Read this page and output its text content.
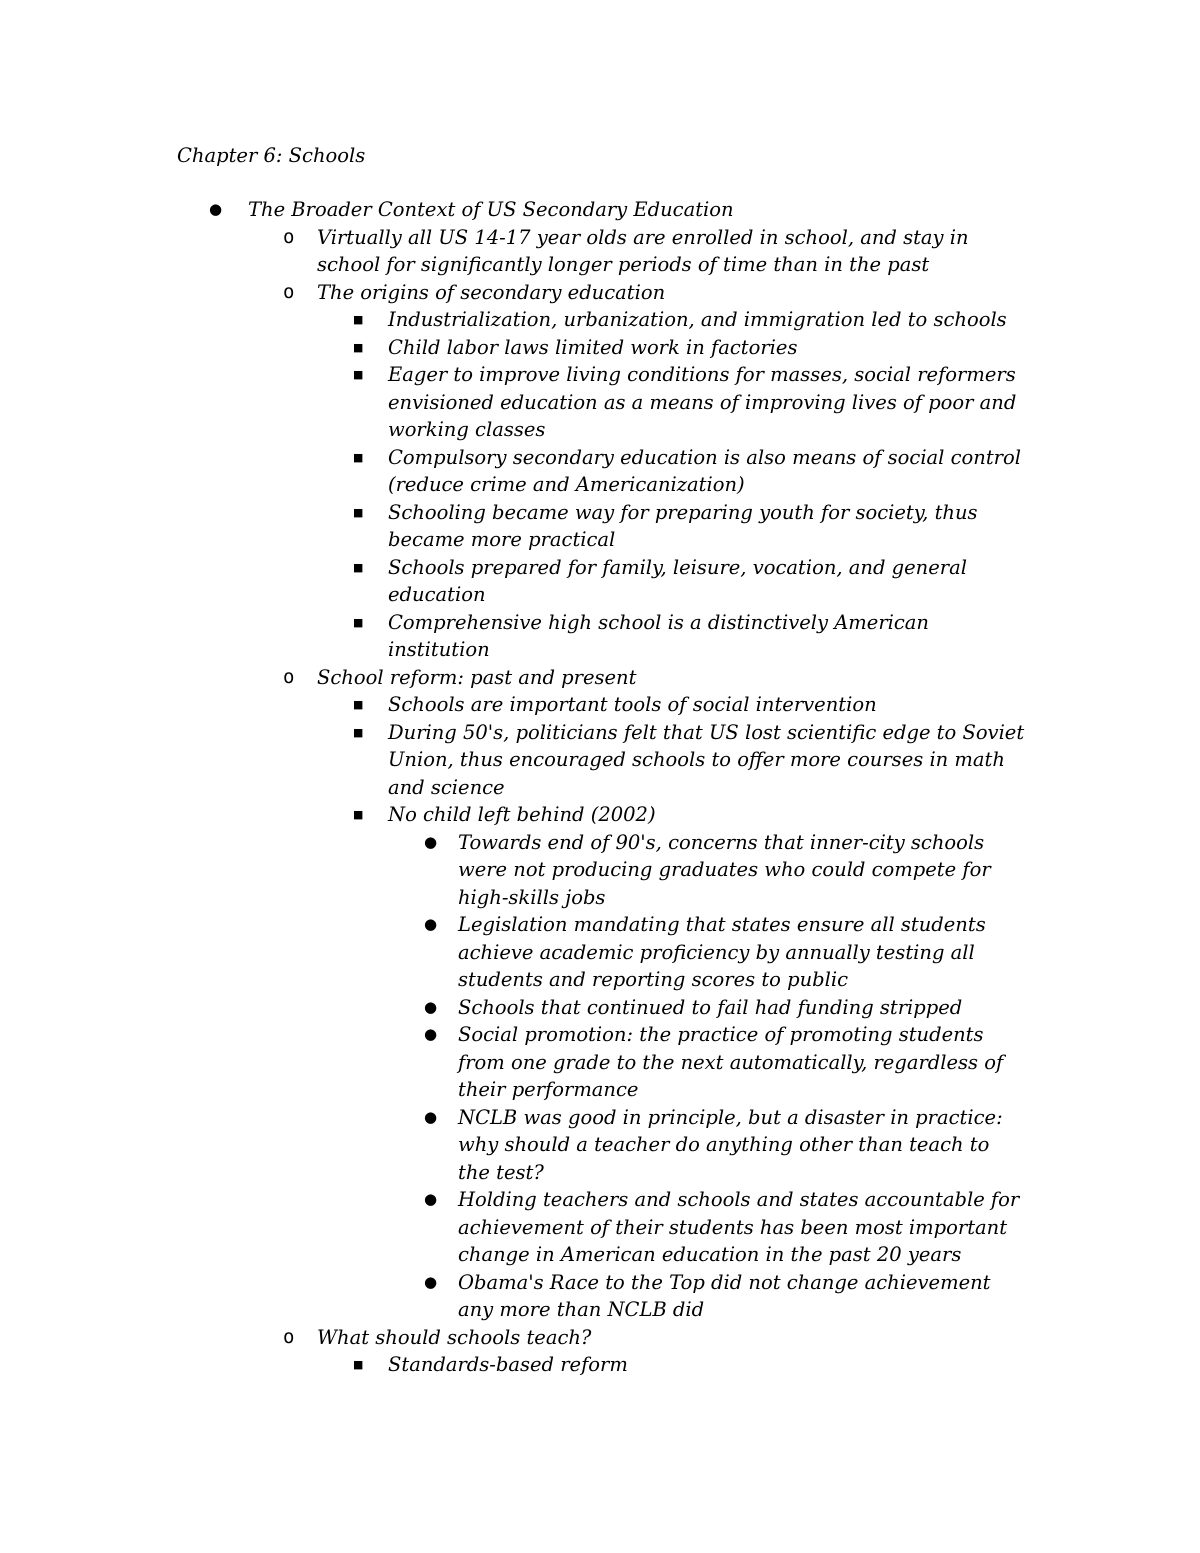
Chapter 6: Schools
● The Broader Context of US Secondary Education
o Virtually all US 14-17 year olds are enrolled in school, and stay in school for significantly longer periods of time than in the past
o The origins of secondary education
■ Industrialization, urbanization, and immigration led to schools
■ Child labor laws limited work in factories
■ Eager to improve living conditions for masses, social reformers envisioned education as a means of improving lives of poor and working classes
■ Compulsory secondary education is also means of social control (reduce crime and Americanization)
■ Schooling became way for preparing youth for society, thus became more practical
■ Schools prepared for family, leisure, vocation, and general education
■ Comprehensive high school is a distinctively American institution
o School reform: past and present
■ Schools are important tools of social intervention
■ During 50's, politicians felt that US lost scientific edge to Soviet Union, thus encouraged schools to offer more courses in math and science
■ No child left behind (2002)
● Towards end of 90's, concerns that inner-city schools were not producing graduates who could compete for high-skills jobs
● Legislation mandating that states ensure all students achieve academic proficiency by annually testing all students and reporting scores to public
● Schools that continued to fail had funding stripped
● Social promotion: the practice of promoting students from one grade to the next automatically, regardless of their performance
● NCLB was good in principle, but a disaster in practice: why should a teacher do anything other than teach to the test?
● Holding teachers and schools and states accountable for achievement of their students has been most important change in American education in the past 20 years
● Obama's Race to the Top did not change achievement any more than NCLB did
o What should schools teach?
■ Standards-based reform
